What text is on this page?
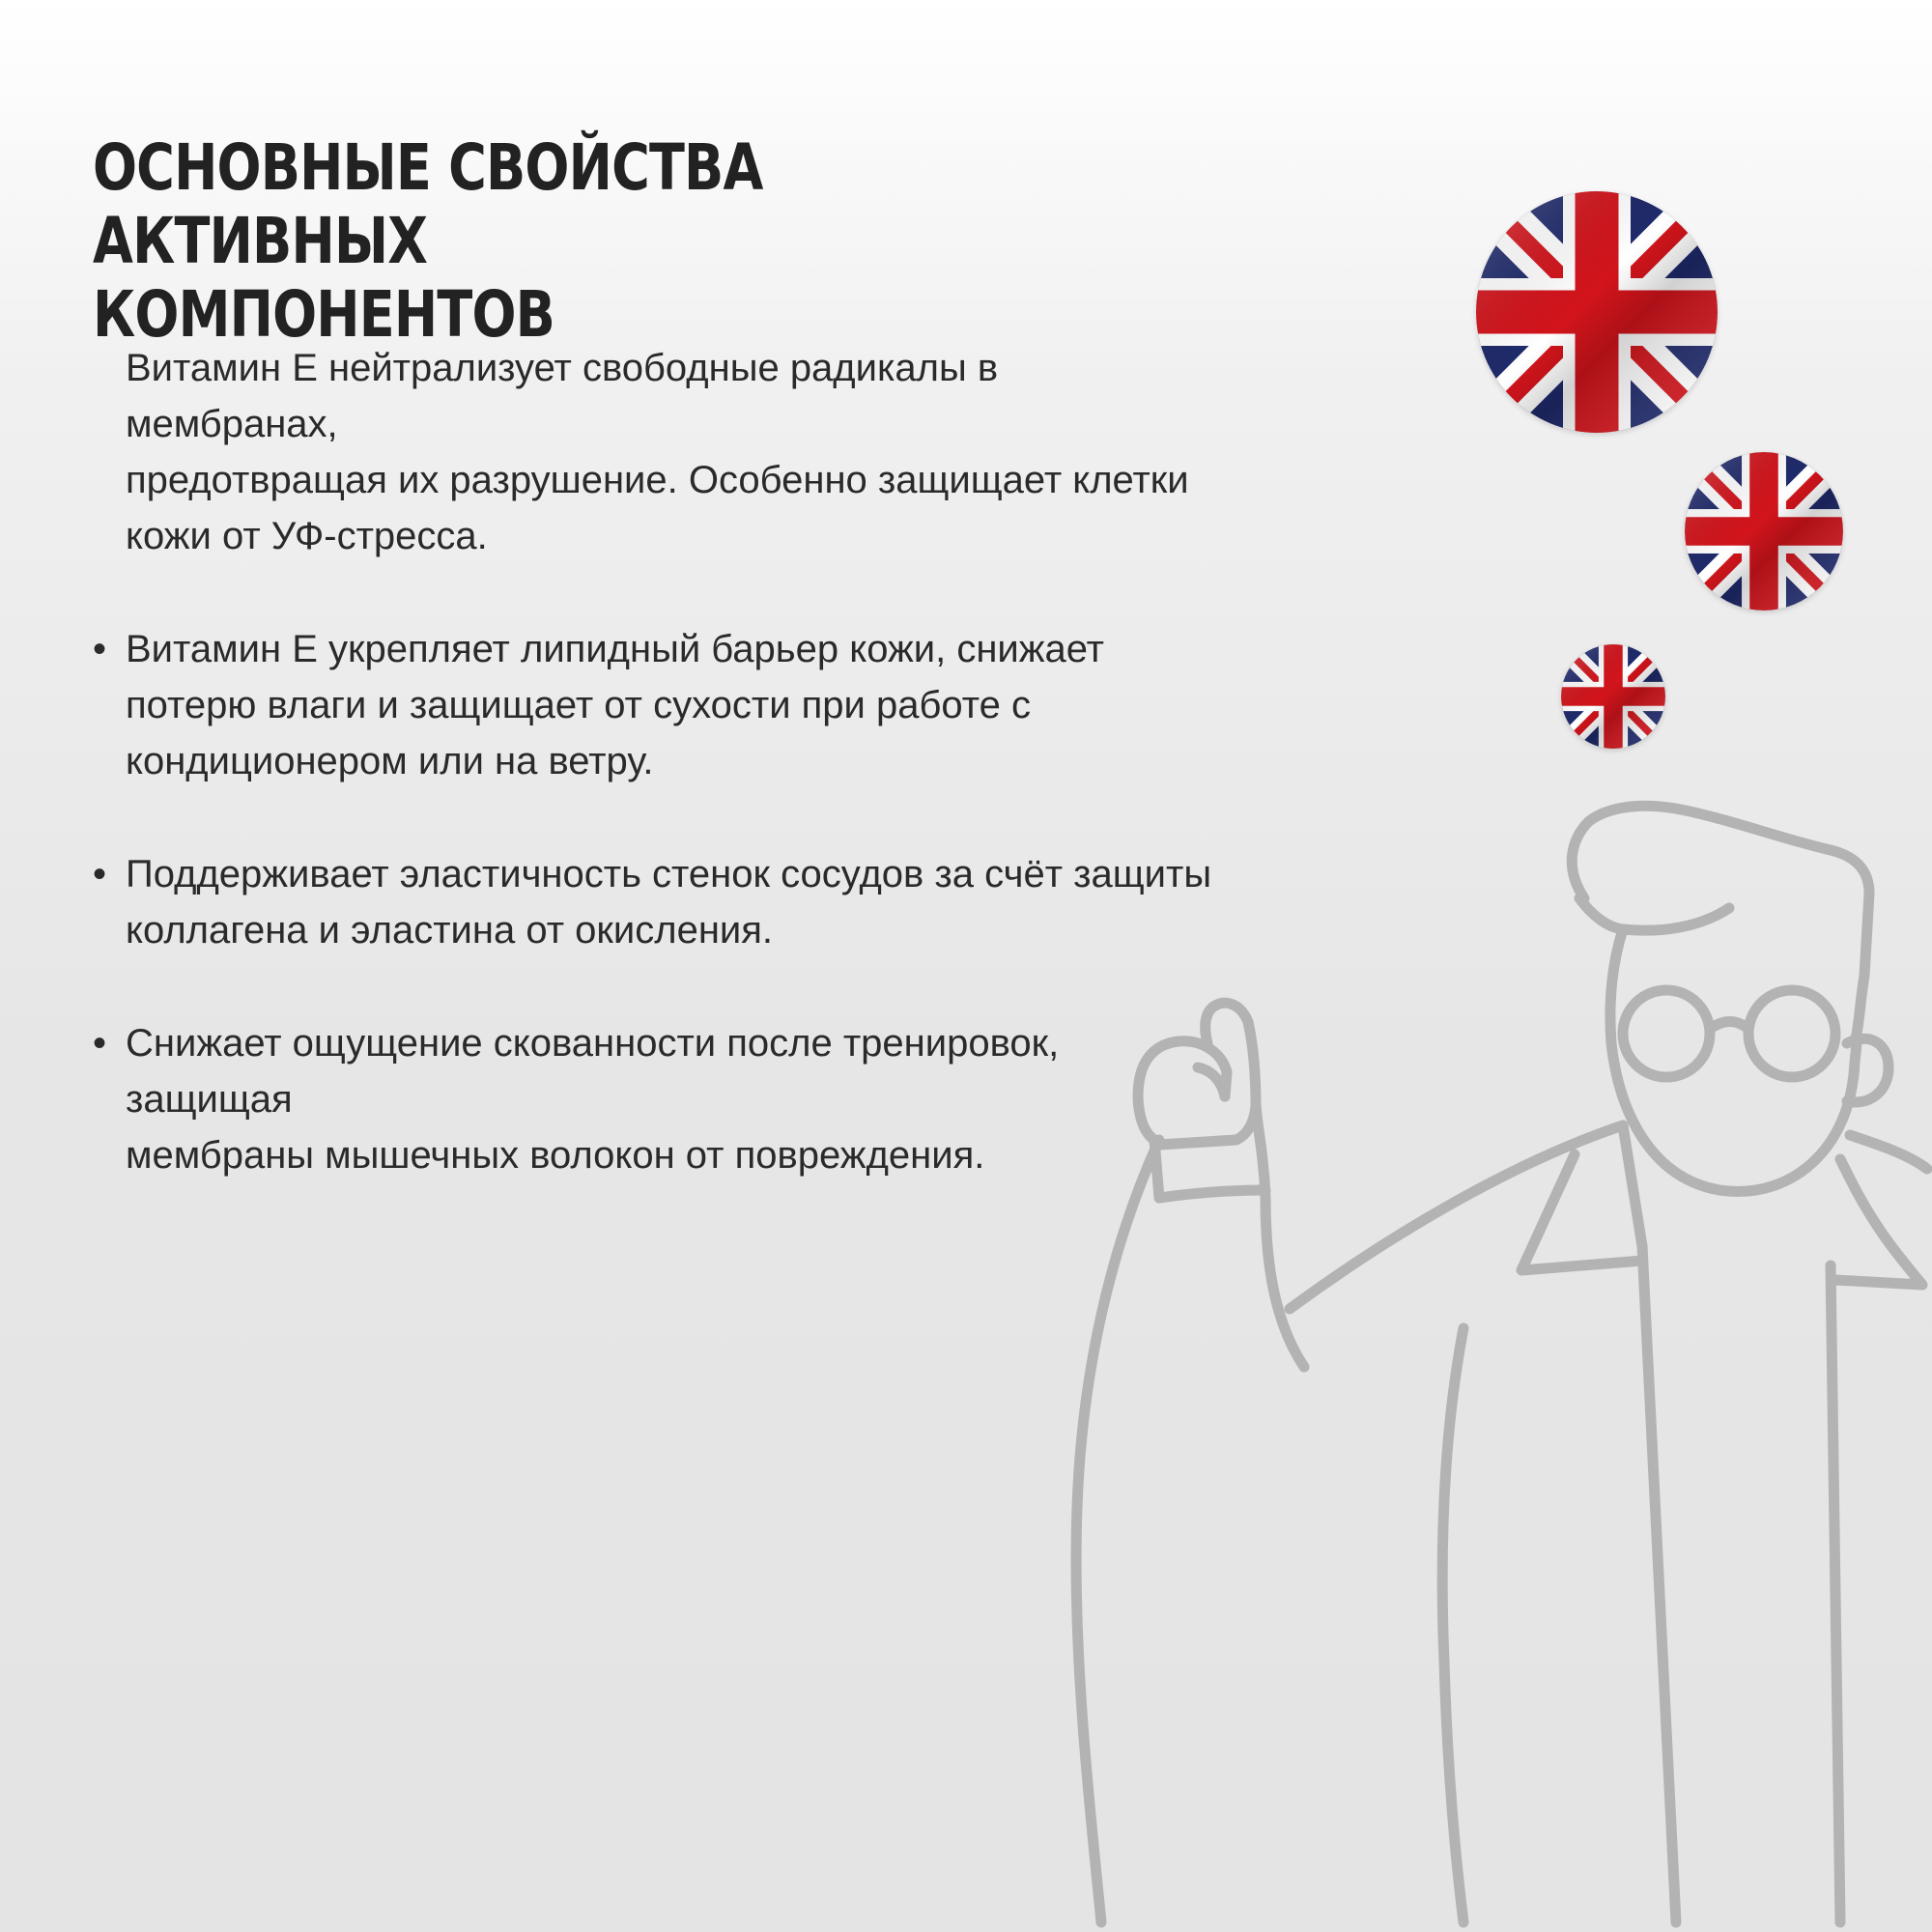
ОСНОВНЫЕ СВОЙСТВА АКТИВНЫХ
КОМПОНЕНТОВ
Витамин Е нейтрализует свободные радикалы в мембранах,
предотвращая их разрушение. Особенно защищает клетки
кожи от УФ-стресса.
• Витамин Е укрепляет липидный барьер кожи, снижает
потерю влаги и защищает от сухости при работе с
кондиционером или на ветру.
• Поддерживает эластичность стенок сосудов за счёт защиты
коллагена и эластина от окисления.
• Снижает ощущение скованности после тренировок, защищая
мембраны мышечных волокон от повреждения.
